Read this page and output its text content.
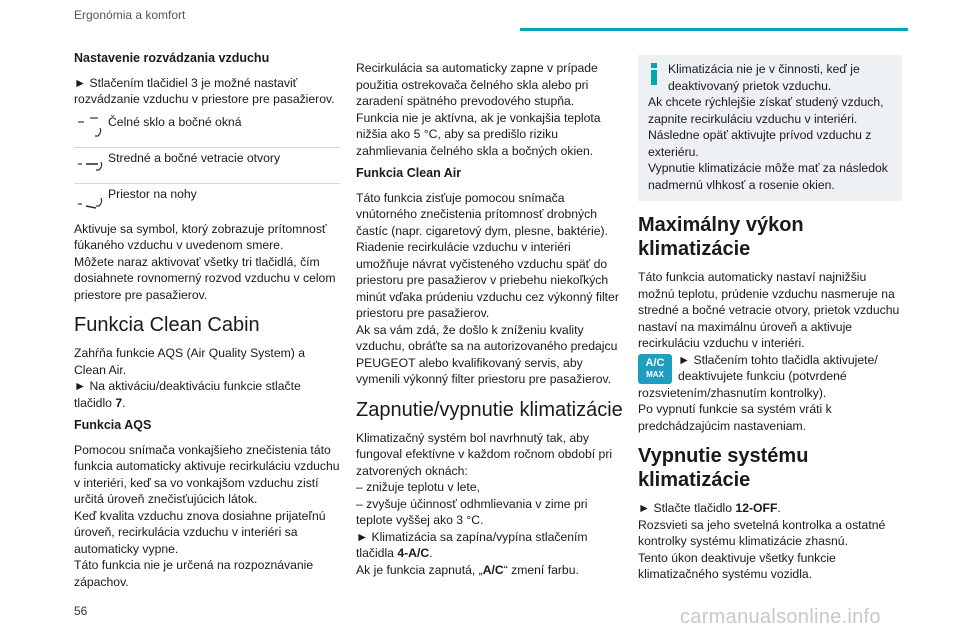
Ergonómia a komfort
Nastavenie rozvádzania vzduchu

► Stlačením tlačidiel 3 je možné nastaviť rozvádzanie vzduchu v priestore pre pasažierov.

Čelné sklo a bočné okná
Stredné a bočné vetracie otvory
Priestor na nohy

Aktivuje sa symbol, ktorý zobrazuje prítomnosť fúkaného vzduchu v uvedenom smere.

Môžete naraz aktivovať všetky tri tlačidlá, čím dosiahnete rovnomerný rozvod vzduchu v celom priestore pre pasažierov.

Funkcia Clean Cabin

Zahŕňa funkcie AQS (Air Quality System) a Clean Air.

► Na aktiváciu/deaktiváciu funkcie stlačte tlačidlo 7.

Funkcia AQS

Pomocou snímača vonkajšieho znečistenia táto funkcia automaticky aktivuje recirkuláciu vzduchu v interiéri, keď sa vo vonkajšom vzduchu zistí určitá úroveň znečisťujúcich látok.

Keď kvalita vzduchu znova dosiahne prijateľnú úroveň, recirkulácia vzduchu v interiéri sa automaticky vypne.

Táto funkcia nie je určená na rozpoznávanie zápachov.

Recirkulácia sa automaticky zapne v prípade použitia ostrekovača čelného skla alebo pri zaradení spätného prevodového stupňa.

Funkcia nie je aktívna, ak je vonkajšia teplota nižšia ako 5 °C, aby sa predišlo riziku zahmlievania čelného skla a bočných okien.

Funkcia Clean Air

Táto funkcia zisťuje pomocou snímača vnútorného znečistenia prítomnosť drobných častíc (napr. cigaretový dym, plesne, baktérie).

Riadenie recirkulácie vzduchu v interiéri umožňuje návrat vyčisteného vzduchu späť do priestoru pre pasažierov v priebehu niekoľkých minút vďaka prúdeniu vzduchu cez výkonný filter priestoru pre pasažierov.

Ak sa vám zdá, že došlo k zníženiu kvality vzduchu, obráťte sa na autorizovaného predajcu PEUGEOT alebo kvalifikovaný servis, aby vymenili výkonný filter priestoru pre pasažierov.

Zapnutie/vypnutie klimatizácie

Klimatizačný systém bol navrhnutý tak, aby fungoval efektívne v každom ročnom období pri zatvorených oknách:

– znižuje teplotu v lete,

– zvyšuje účinnosť odhmlievania v zime pri teplote vyššej ako 3 °C.

► Klimatizácia sa zapína/vypína stlačením tlačidla 4-A/C.

Ak je funkcia zapnutá, „A/C“ zmení farbu.

Klimatizácia nie je v činnosti, keď je deaktivovaný prietok vzduchu.

Ak chcete rýchlejšie získať studený vzduch, zapnite recirkuláciu vzduchu v interiéri. Následne opäť aktivujte prívod vzduchu z exteriéru.

Vypnutie klimatizácie môže mať za následok nadmernú vlhkosť a rosenie okien.

Maximálny výkon klimatizácie

Táto funkcia automaticky nastaví najnižšiu možnú teplotu, prúdenie vzduchu nasmeruje na stredné a bočné vetracie otvory, prietok vzduchu nastaví na maximálnu úroveň a aktivuje recirkuláciu vzduchu v interiéri.

A/C
MAX

► Stlačením tohto tlačidla aktivujete/ deaktivujete funkciu (potvrdené rozsvietením/zhasnutím kontrolky).

Po vypnutí funkcie sa systém vráti k predchádzajúcim nastaveniam.

Vypnutie systému klimatizácie

► Stlačte tlačidlo 12-OFF.

Rozsvieti sa jeho svetelná kontrolka a ostatné kontrolky systému klimatizácie zhasnú.

Tento úkon deaktivuje všetky funkcie klimatizačného systému vozidla.

56	carmanualsonline.info
